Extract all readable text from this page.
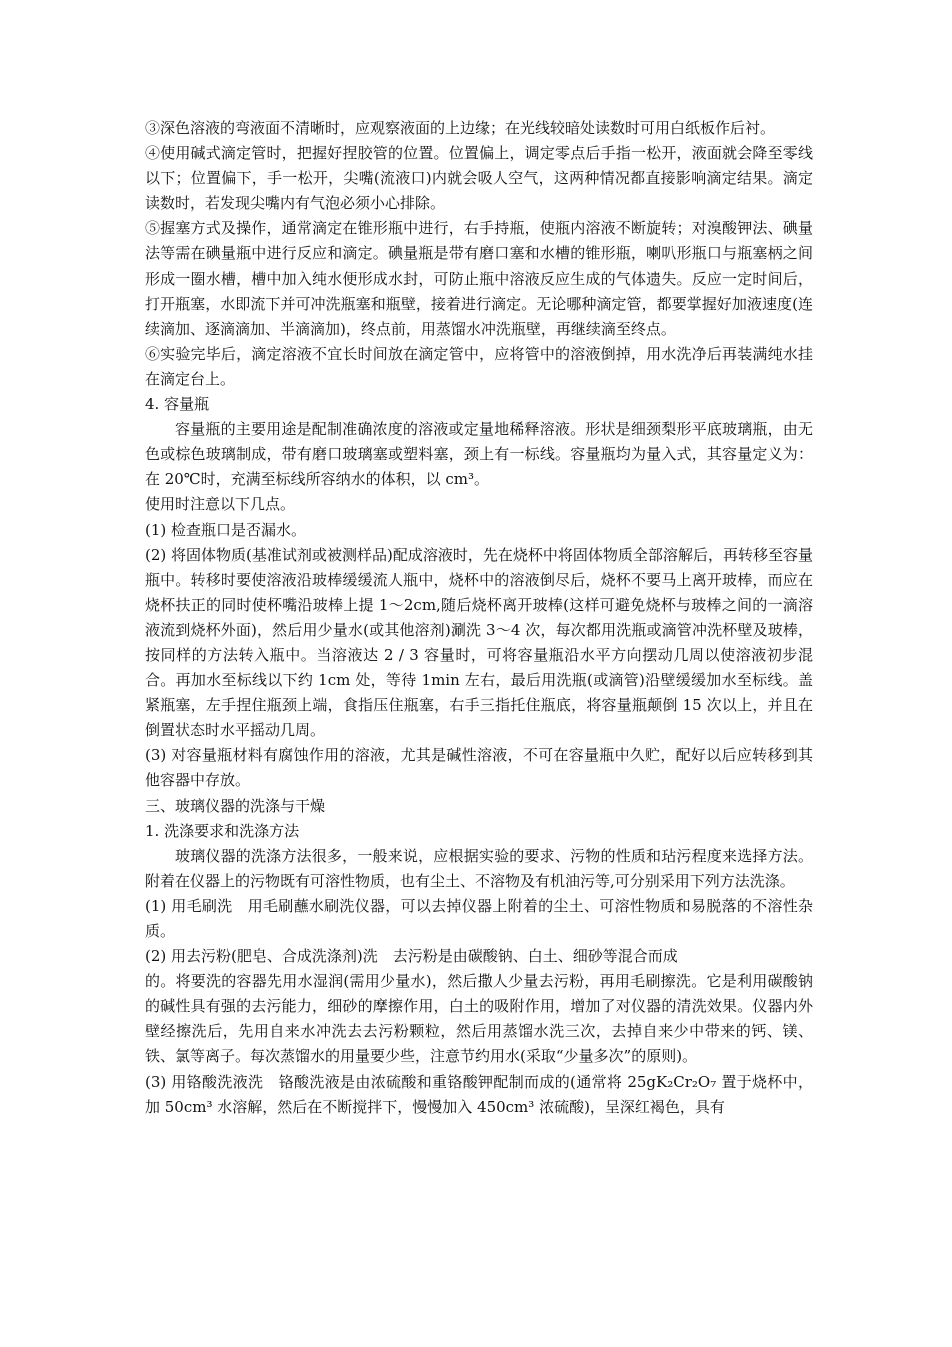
③深色溶液的弯液面不清晰时，应观察液面的上边缘；在光线较暗处读数时可用白纸板作后衬。

④使用碱式滴定管时，把握好捏胶管的位置。位置偏上，调定零点后手指一松开，液面就会降至零线以下；位置偏下，手一松开，尖嘴(流液口)内就会吸人空气，这两种情况都直接影响滴定结果。滴定读数时，若发现尖嘴内有气泡必须小心排除。

⑤握塞方式及操作，通常滴定在锥形瓶中进行，右手持瓶，使瓶内溶液不断旋转；对溴酸钾法、碘量法等需在碘量瓶中进行反应和滴定。碘量瓶是带有磨口塞和水槽的锥形瓶，喇叭形瓶口与瓶塞柄之间形成一圈水槽，槽中加入纯水便形成水封，可防止瓶中溶液反应生成的气体遗失。反应一定时间后，打开瓶塞，水即流下并可冲洗瓶塞和瓶壁，接着进行滴定。无论哪种滴定管，都要掌握好加液速度(连续滴加、逐滴滴加、半滴滴加)，终点前，用蒸馏水冲洗瓶壁，再继续滴至终点。

⑥实验完毕后，滴定溶液不宜长时间放在滴定管中，应将管中的溶液倒掉，用水洗净后再装满纯水挂在滴定台上。

4. 容量瓶

容量瓶的主要用途是配制准确浓度的溶液或定量地稀释溶液。形状是细颈梨形平底玻璃瓶，由无色或棕色玻璃制成，带有磨口玻璃塞或塑料塞，颈上有一标线。容量瓶均为量入式，其容量定义为：在 20℃时，充满至标线所容纳水的体积，以 cm³。

使用时注意以下几点。

(1) 检查瓶口是否漏水。

(2) 将固体物质(基准试剂或被测样品)配成溶液时，先在烧杯中将固体物质全部溶解后，再转移至容量瓶中。转移时要使溶液沿玻棒缓缓流人瓶中，烧杯中的溶液倒尽后，烧杯不要马上离开玻棒，而应在烧杯扶正的同时使杯嘴沿玻棒上提 1～2cm,随后烧杯离开玻棒(这样可避免烧杯与玻棒之间的一滴溶液流到烧杯外面)，然后用少量水(或其他溶剂)涮洗 3～4 次，每次都用洗瓶或滴管冲洗杯壁及玻棒，按同样的方法转入瓶中。当溶液达 2 / 3 容量时，可将容量瓶沿水平方向摆动几周以使溶液初步混合。再加水至标线以下约 1cm 处，等待 1min 左右，最后用洗瓶(或滴管)沿壁缓缓加水至标线。盖紧瓶塞，左手捏住瓶颈上端，食指压住瓶塞，右手三指托住瓶底，将容量瓶颠倒 15 次以上，并且在倒置状态时水平摇动几周。

(3) 对容量瓶材料有腐蚀作用的溶液，尤其是碱性溶液，不可在容量瓶中久贮，配好以后应转移到其他容器中存放。

三、玻璃仪器的洗涤与干燥

1. 洗涤要求和洗涤方法

玻璃仪器的洗涤方法很多，一般来说，应根据实验的要求、污物的性质和玷污程度来选择方法。附着在仪器上的污物既有可溶性物质，也有尘土、不溶物及有机油污等,可分别采用下列方法洗涤。

(1) 用毛刷洗　用毛刷蘸水刷洗仪器，可以去掉仪器上附着的尘土、可溶性物质和易脱落的不溶性杂质。

(2) 用去污粉(肥皂、合成洗涤剂)洗　去污粉是由碳酸钠、白土、细砂等混合而成

的。将要洗的容器先用水湿润(需用少量水)，然后撒人少量去污粉，再用毛刷擦洗。它是利用碳酸钠的碱性具有强的去污能力，细砂的摩擦作用，白土的吸附作用，增加了对仪器的清洗效果。仪器内外壁经擦洗后，先用自来水冲洗去去污粉颗粒，然后用蒸馏水洗三次，去掉自来少中带来的钙、镁、铁、氯等离子。每次蒸馏水的用量要少些，注意节约用水(采取“少量多次”的原则)。

(3) 用铬酸洗液洗　铬酸洗液是由浓硫酸和重铬酸钾配制而成的(通常将 25gK₂Cr₂O₇ 置于烧杯中，加 50cm³ 水溶解，然后在不断搅拌下，慢慢加入 450cm³ 浓硫酸)，呈深红褐色，具有
